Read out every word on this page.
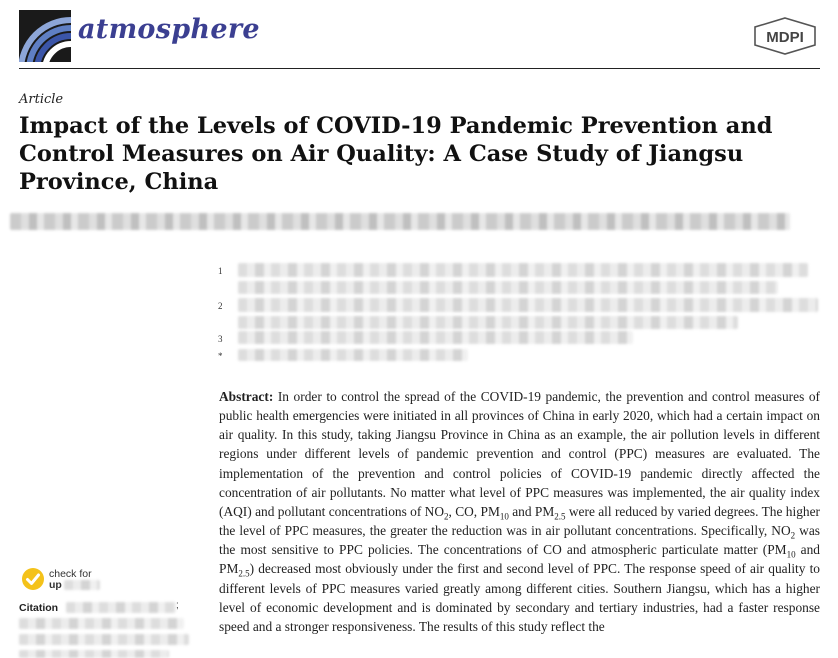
atmosphere	MDPI
Article
Impact of the Levels of COVID-19 Pandemic Prevention and Control Measures on Air Quality: A Case Study of Jiangsu Province, China
1
2
3
*

Abstract: In order to control the spread of the COVID-19 pandemic, the prevention and control measures of public health emergencies were initiated in all provinces of China in early 2020, which had a certain impact on air quality. In this study, taking Jiangsu Province in China as an example, the air pollution levels in different regions under different levels of pandemic prevention and control (PPC) measures are evaluated. The implementation of the prevention and control policies of COVID-19 pandemic directly affected the concentration of air pollutants. No matter what level of PPC measures was implemented, the air quality index (AQI) and pollutant concentrations of $NO_2$, CO, $PM_{10}$ and $PM_{2.5}$ were all reduced by varied degrees. The higher the level of PPC measures, the greater the reduction was in air pollutant concentrations. Specifically, $NO_2$ was the most sensitive to PPC policies. The concentrations of CO and atmospheric particulate matter ($PM_{10}$ and $PM_{2.5}$) decreased most obviously under the first and second level of PPC. The response speed of air quality to different levels of PPC measures varied greatly among different cities. Southern Jiangsu, which has a higher level of economic development and is dominated by secondary and tertiary industries, had a faster response speed and a stronger responsiveness. The results of this study reflect the

check for
up
Citation	;
